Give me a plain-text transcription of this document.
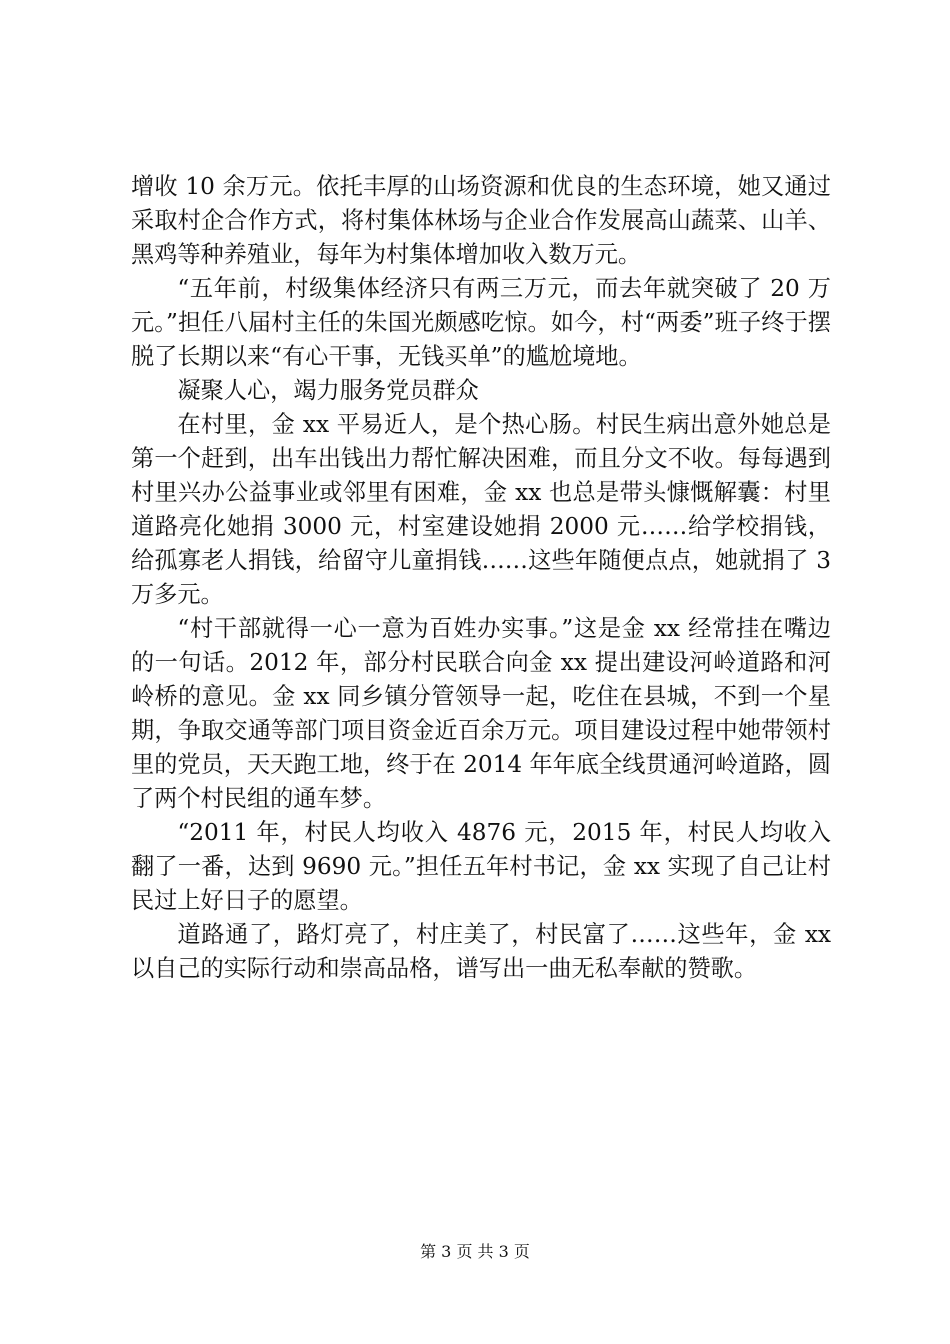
增收 10 余万元。依托丰厚的山场资源和优良的生态环境，她又通过采取村企合作方式，将村集体林场与企业合作发展高山蔬菜、山羊、黑鸡等种养殖业，每年为村集体增加收入数万元。

“五年前，村级集体经济只有两三万元，而去年就突破了 20 万元。”担任八届村主任的朱国光颇感吃惊。如今，村“两委”班子终于摆脱了长期以来“有心干事，无钱买单”的尴尬境地。

凝聚人心，竭力服务党员群众

在村里，金 xx 平易近人，是个热心肠。村民生病出意外她总是第一个赶到，出车出钱出力帮忙解决困难，而且分文不收。每每遇到村里兴办公益事业或邻里有困难，金 xx 也总是带头慷慨解囊：村里道路亮化她捐 3000 元，村室建设她捐 2000 元……给学校捐钱，给孤寡老人捐钱，给留守儿童捐钱……这些年随便点点，她就捐了 3 万多元。

“村干部就得一心一意为百姓办实事。”这是金 xx 经常挂在嘴边的一句话。2012 年，部分村民联合向金 xx 提出建设河岭道路和河岭桥的意见。金 xx 同乡镇分管领导一起，吃住在县城，不到一个星期，争取交通等部门项目资金近百余万元。项目建设过程中她带领村里的党员，天天跑工地，终于在 2014 年年底全线贯通河岭道路，圆了两个村民组的通车梦。

“2011 年，村民人均收入 4876 元，2015 年，村民人均收入翻了一番，达到 9690 元。”担任五年村书记，金 xx 实现了自己让村民过上好日子的愿望。

道路通了，路灯亮了，村庄美了，村民富了……这些年，金 xx 以自己的实际行动和崇高品格，谱写出一曲无私奉献的赞歌。

第 3 页 共 3 页
